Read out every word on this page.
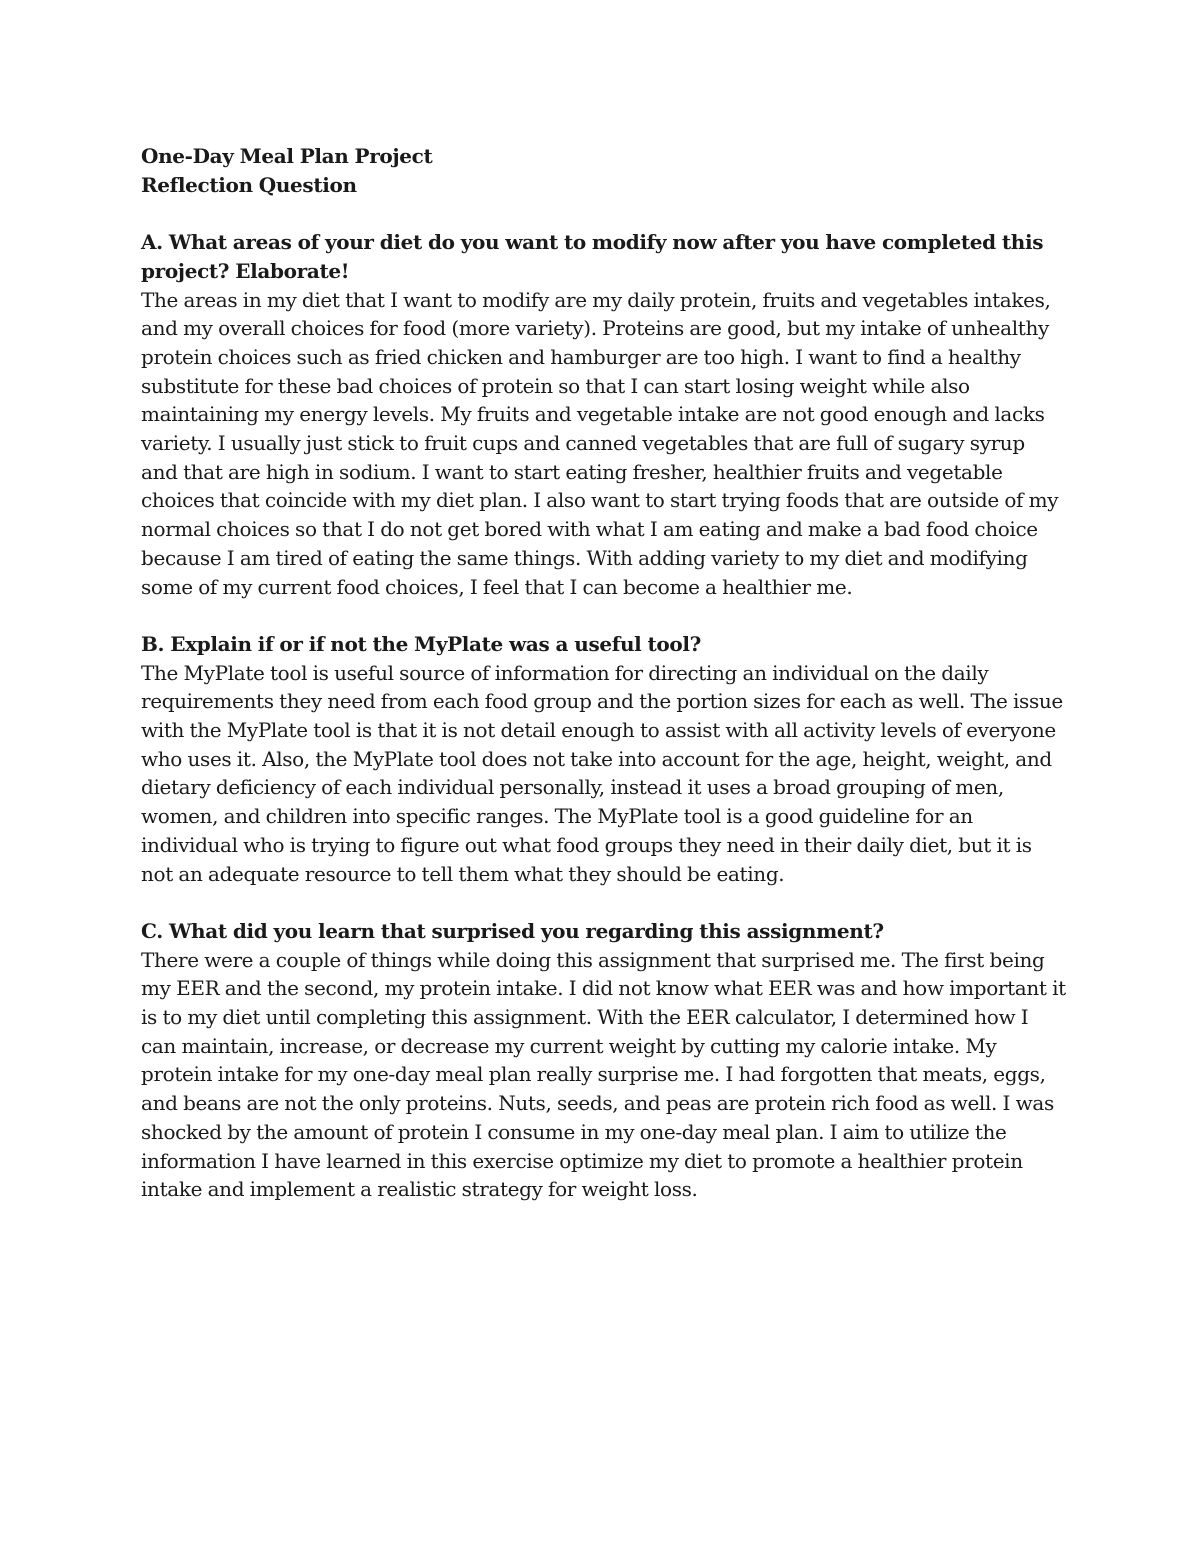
One-Day Meal Plan Project

Reflection Question

A. What areas of your diet do you want to modify now after you have completed this project? Elaborate!

The areas in my diet that I want to modify are my daily protein, fruits and vegetables intakes, and my overall choices for food (more variety). Proteins are good, but my intake of unhealthy protein choices such as fried chicken and hamburger are too high. I want to find a healthy substitute for these bad choices of protein so that I can start losing weight while also maintaining my energy levels. My fruits and vegetable intake are not good enough and lacks variety. I usually just stick to fruit cups and canned vegetables that are full of sugary syrup and that are high in sodium. I want to start eating fresher, healthier fruits and vegetable choices that coincide with my diet plan. I also want to start trying foods that are outside of my normal choices so that I do not get bored with what I am eating and make a bad food choice because I am tired of eating the same things. With adding variety to my diet and modifying some of my current food choices, I feel that I can become a healthier me.

B. Explain if or if not the MyPlate was a useful tool?

The MyPlate tool is useful source of information for directing an individual on the daily requirements they need from each food group and the portion sizes for each as well. The issue with the MyPlate tool is that it is not detail enough to assist with all activity levels of everyone who uses it. Also, the MyPlate tool does not take into account for the age, height, weight, and dietary deficiency of each individual personally, instead it uses a broad grouping of men, women, and children into specific ranges. The MyPlate tool is a good guideline for an individual who is trying to figure out what food groups they need in their daily diet, but it is not an adequate resource to tell them what they should be eating.

C. What did you learn that surprised you regarding this assignment?

There were a couple of things while doing this assignment that surprised me. The first being my EER and the second, my protein intake. I did not know what EER was and how important it is to my diet until completing this assignment. With the EER calculator, I determined how I can maintain, increase, or decrease my current weight by cutting my calorie intake. My protein intake for my one-day meal plan really surprise me. I had forgotten that meats, eggs, and beans are not the only proteins. Nuts, seeds, and peas are protein rich food as well. I was shocked by the amount of protein I consume in my one-day meal plan. I aim to utilize the information I have learned in this exercise optimize my diet to promote a healthier protein intake and implement a realistic strategy for weight loss.
